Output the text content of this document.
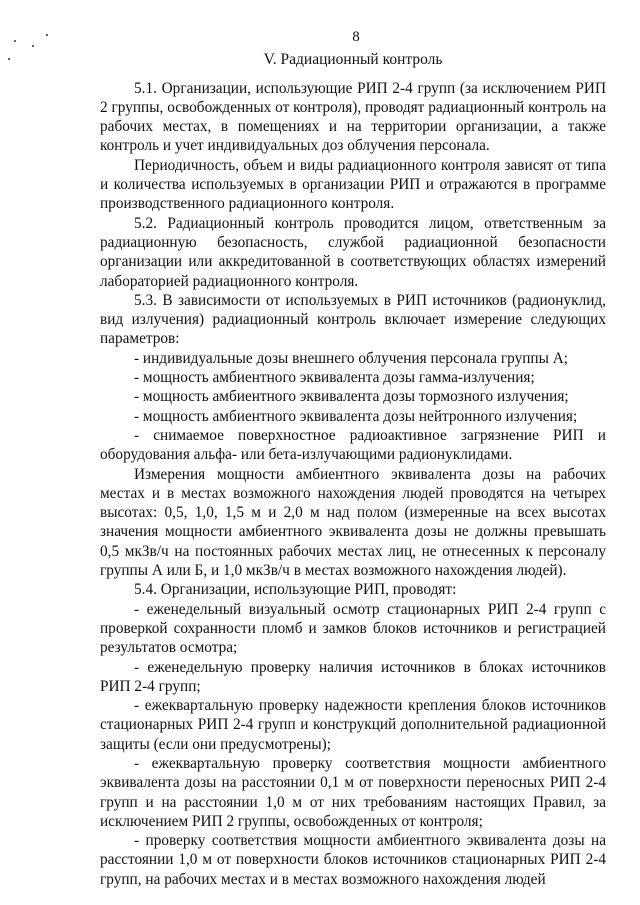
8
V. Радиационный контроль

5.1. Организации, использующие РИП 2-4 групп (за исключением РИП 2 группы, освобожденных от контроля), проводят радиационный контроль на рабочих местах, в помещениях и на территории организации, а также контроль и учет индивидуальных доз облучения персонала.

Периодичность, объем и виды радиационного контроля зависят от типа и количества используемых в организации РИП и отражаются в программе производственного радиационного контроля.

5.2. Радиационный контроль проводится лицом, ответственным за радиационную безопасность, службой радиационной безопасности организации или аккредитованной в соответствующих областях измерений лабораторией радиационного контроля.

5.3. В зависимости от используемых в РИП источников (радионуклид, вид излучения) радиационный контроль включает измерение следующих параметров:

- индивидуальные дозы внешнего облучения персонала группы А;

- мощность амбиентного эквивалента дозы гамма-излучения;

- мощность амбиентного эквивалента дозы тормозного излучения;

- мощность амбиентного эквивалента дозы нейтронного излучения;

- снимаемое поверхностное радиоактивное загрязнение РИП и оборудования альфа- или бета-излучающими радионуклидами.

Измерения мощности амбиентного эквивалента дозы на рабочих местах и в местах возможного нахождения людей проводятся на четырех высотах: 0,5, 1,0, 1,5 м и 2,0 м над полом (измеренные на всех высотах значения мощности амбиентного эквивалента дозы не должны превышать 0,5 мкЗв/ч на постоянных рабочих местах лиц, не отнесенных к персоналу группы А или Б, и 1,0 мкЗв/ч в местах возможного нахождения людей).

5.4. Организации, использующие РИП, проводят:

- еженедельный визуальный осмотр стационарных РИП 2-4 групп с проверкой сохранности пломб и замков блоков источников и регистрацией результатов осмотра;

- еженедельную проверку наличия источников в блоках источников РИП 2-4 групп;

- ежеквартальную проверку надежности крепления блоков источников стационарных РИП 2-4 групп и конструкций дополнительной радиационной защиты (если они предусмотрены);

- ежеквартальную проверку соответствия мощности амбиентного эквивалента дозы на расстоянии 0,1 м от поверхности переносных РИП 2-4 групп и на расстоянии 1,0 м от них требованиям настоящих Правил, за исключением РИП 2 группы, освобожденных от контроля;

- проверку соответствия мощности амбиентного эквивалента дозы на расстоянии 1,0 м от поверхности блоков источников стационарных РИП 2-4 групп, на рабочих местах и в местах возможного нахождения людей
